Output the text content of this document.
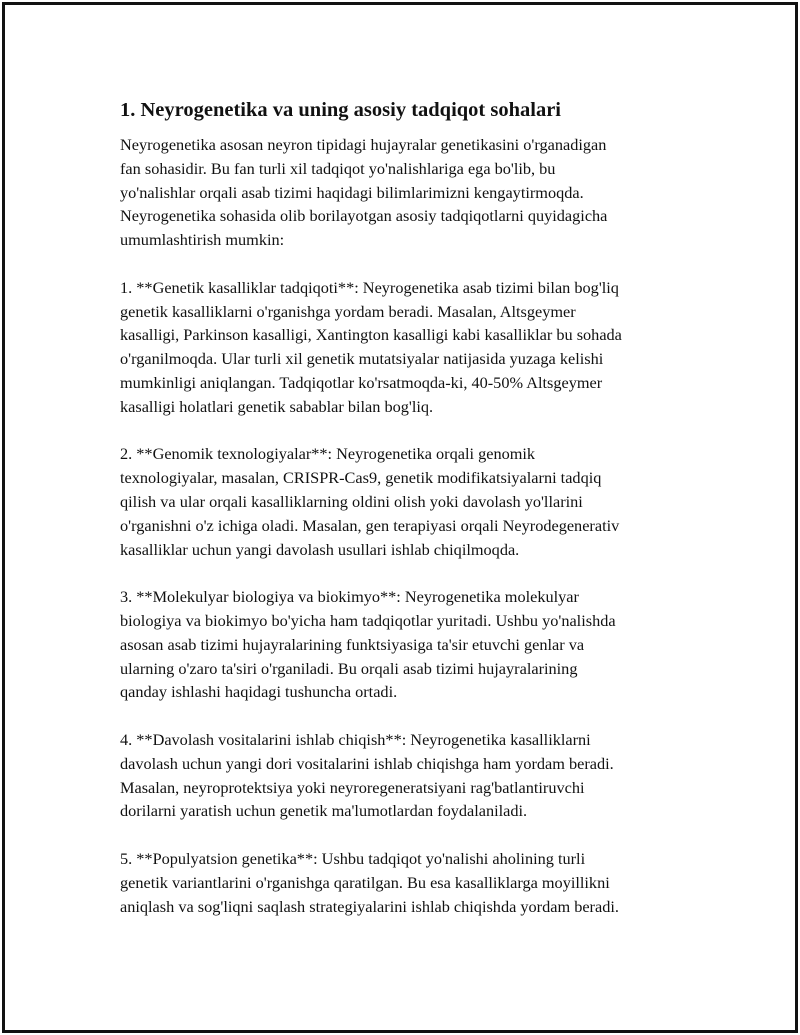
1. Neyrogenetika va uning asosiy tadqiqot sohalari

Neyrogenetika asosan neyron tipidagi hujayralar genetikasini o'rganadigan
fan sohasidir. Bu fan turli xil tadqiqot yo'nalishlariga ega bo'lib, bu
yo'nalishlar orqali asab tizimi haqidagi bilimlarimizni kengaytirmoqda.
Neyrogenetika sohasida olib borilayotgan asosiy tadqiqotlarni quyidagicha
umumlashtirish mumkin:

1. **Genetik kasalliklar tadqiqoti**: Neyrogenetika asab tizimi bilan bog'liq
genetik kasalliklarni o'rganishga yordam beradi. Masalan, Altsgeymer
kasalligi, Parkinson kasalligi, Xantington kasalligi kabi kasalliklar bu sohada
o'rganilmoqda. Ular turli xil genetik mutatsiyalar natijasida yuzaga kelishi
mumkinligi aniqlangan. Tadqiqotlar ko'rsatmoqda-ki, 40-50% Altsgeymer
kasalligi holatlari genetik sabablar bilan bog'liq.

2. **Genomik texnologiyalar**: Neyrogenetika orqali genomik
texnologiyalar, masalan, CRISPR-Cas9, genetik modifikatsiyalarni tadqiq
qilish va ular orqali kasalliklarning oldini olish yoki davolash yo'llarini
o'rganishni o'z ichiga oladi. Masalan, gen terapiyasi orqali Neyrodegenerativ
kasalliklar uchun yangi davolash usullari ishlab chiqilmoqda.

3. **Molekulyar biologiya va biokimyo**: Neyrogenetika molekulyar
biologiya va biokimyo bo'yicha ham tadqiqotlar yuritadi. Ushbu yo'nalishda
asosan asab tizimi hujayralarining funktsiyasiga ta'sir etuvchi genlar va
ularning o'zaro ta'siri o'rganiladi. Bu orqali asab tizimi hujayralarining
qanday ishlashi haqidagi tushuncha ortadi.

4. **Davolash vositalarini ishlab chiqish**: Neyrogenetika kasalliklarni
davolash uchun yangi dori vositalarini ishlab chiqishga ham yordam beradi.
Masalan, neyroprotektsiya yoki neyroregeneratsiyani rag'batlantiruvchi
dorilarni yaratish uchun genetik ma'lumotlardan foydalaniladi.

5. **Populyatsion genetika**: Ushbu tadqiqot yo'nalishi aholining turli
genetik variantlarini o'rganishga qaratilgan. Bu esa kasalliklarga moyillikni
aniqlash va sog'liqni saqlash strategiyalarini ishlab chiqishda yordam beradi.
